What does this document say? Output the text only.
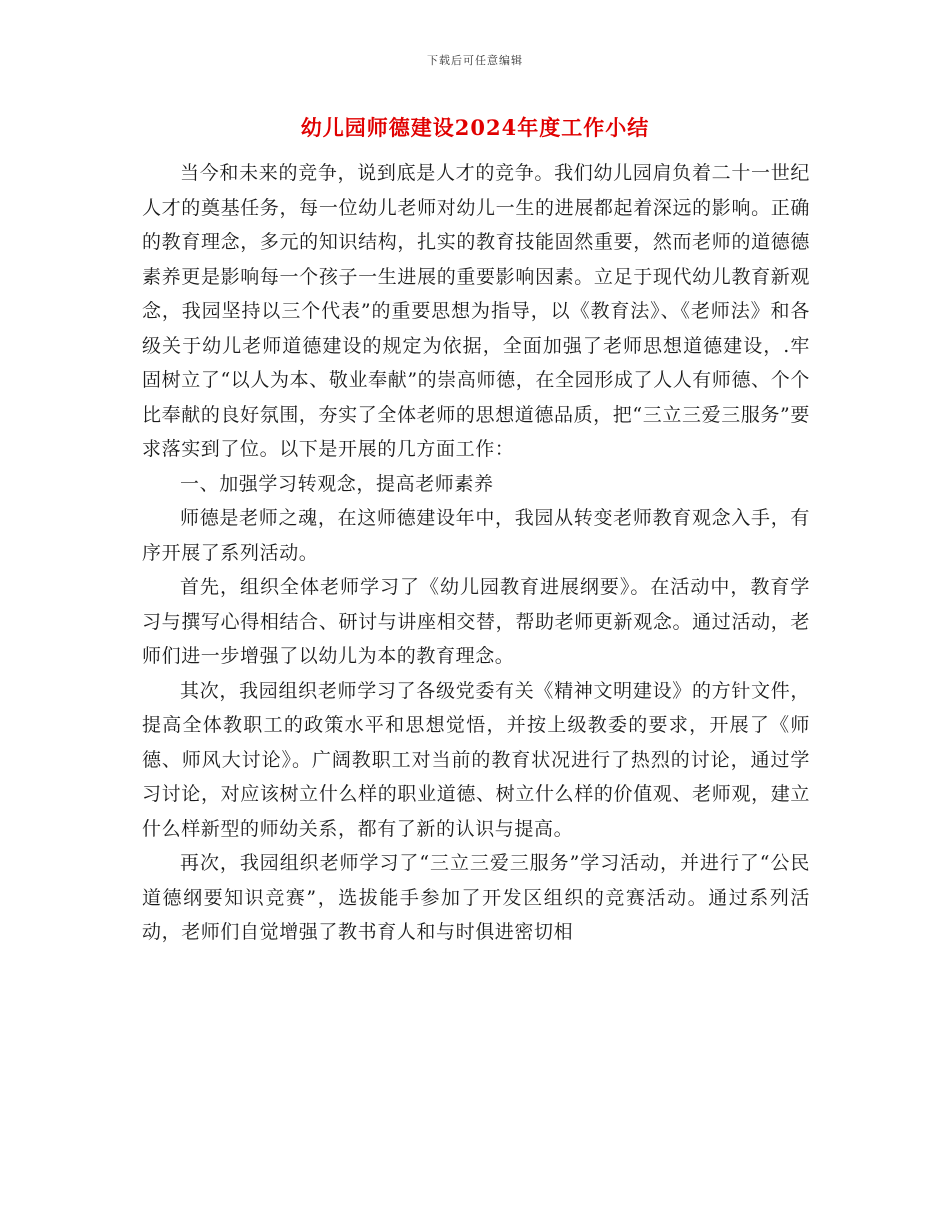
下载后可任意编辑
幼儿园师德建设2024年度工作小结

当今和未来的竞争，说到底是人才的竞争。我们幼儿园肩负着二十一世纪人才的奠基任务，每一位幼儿老师对幼儿一生的进展都起着深远的影响。正确的教育理念，多元的知识结构，扎实的教育技能固然重要，然而老师的道德德素养更是影响每一个孩子一生进展的重要影响因素。立足于现代幼儿教育新观念，我园坚持以三个代表”的重要思想为指导，以《教育法》、《老师法》和各级关于幼儿老师道德建设的规定为依据，全面加强了老师思想道德建设，.牢固树立了“以人为本、敬业奉献”的崇高师德，在全园形成了人人有师德、个个比奉献的良好氛围，夯实了全体老师的思想道德品质，把“三立三爱三服务”要求落实到了位。以下是开展的几方面工作：

一、加强学习转观念，提高老师素养

师德是老师之魂，在这师德建设年中，我园从转变老师教育观念入手，有序开展了系列活动。

首先，组织全体老师学习了《幼儿园教育进展纲要》。在活动中，教育学习与撰写心得相结合、研讨与讲座相交替，帮助老师更新观念。通过活动，老师们进一步增强了以幼儿为本的教育理念。

其次，我园组织老师学习了各级党委有关《精神文明建设》的方针文件，提高全体教职工的政策水平和思想觉悟，并按上级教委的要求，开展了《师德、师风大讨论》。广阔教职工对当前的教育状况进行了热烈的讨论，通过学习讨论，对应该树立什么样的职业道德、树立什么样的价值观、老师观，建立什么样新型的师幼关系，都有了新的认识与提高。

再次，我园组织老师学习了“三立三爱三服务”学习活动，并进行了“公民道德纲要知识竞赛”，选拔能手参加了开发区组织的竞赛活动。通过系列活动，老师们自觉增强了教书育人和与时俱进密切相
